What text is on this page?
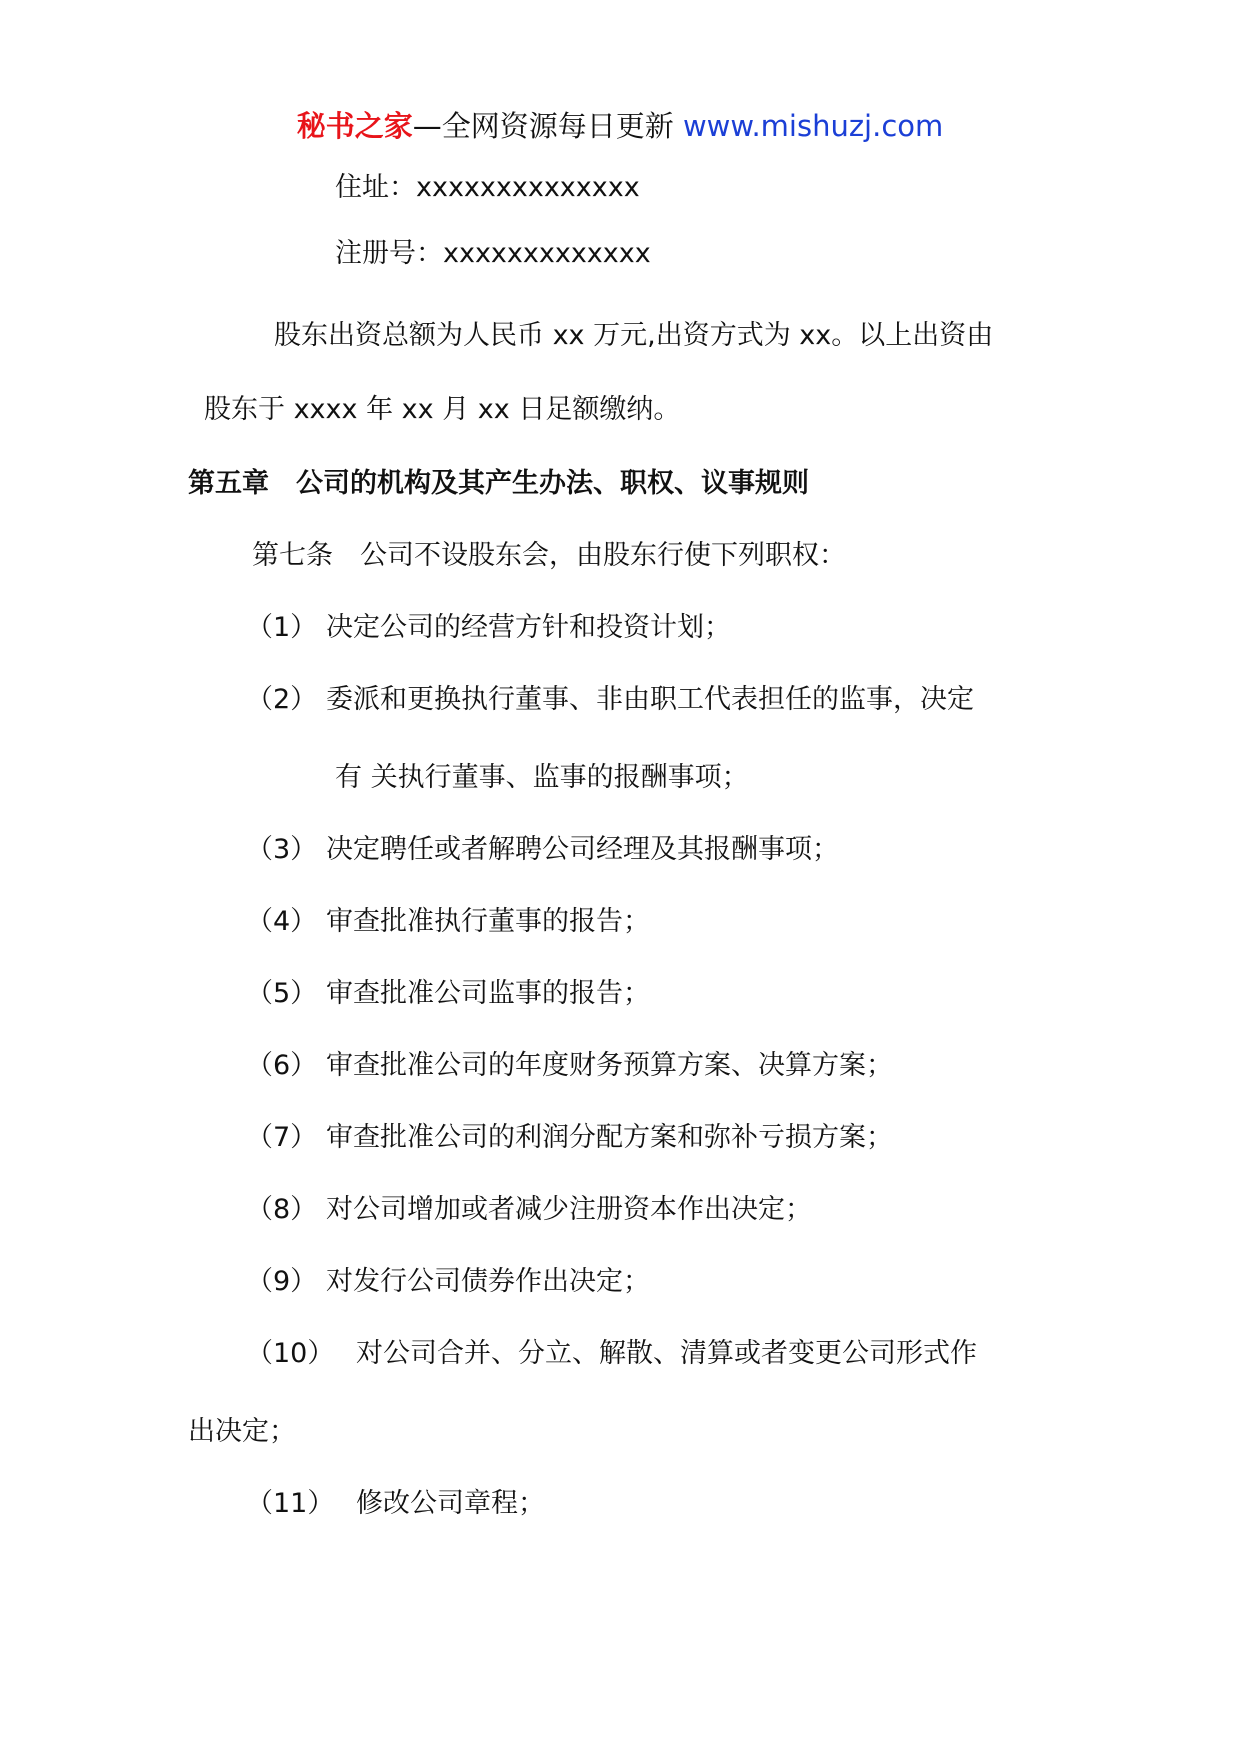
秘书之家—全网资源每日更新 www.mishuzj.com
住址：xxxxxxxxxxxxxx
注册号：xxxxxxxxxxxxx
股东出资总额为人民币 xx 万元,出资方式为 xx。以上出资由
股东于 xxxx 年 xx 月 xx 日足额缴纳。
第五章　公司的机构及其产生办法、职权、议事规则
第七条　公司不设股东会，由股东行使下列职权：
（1） 决定公司的经营方针和投资计划；
（2） 委派和更换执行董事、非由职工代表担任的监事，决定
有 关执行董事、监事的报酬事项；
（3） 决定聘任或者解聘公司经理及其报酬事项；
（4） 审查批准执行董事的报告；
（5） 审查批准公司监事的报告；
（6） 审查批准公司的年度财务预算方案、决算方案；
（7） 审查批准公司的利润分配方案和弥补亏损方案；
（8） 对公司增加或者减少注册资本作出决定；
（9） 对发行公司债券作出决定；
（10） 对公司合并、分立、解散、清算或者变更公司形式作
出决定；
（11） 修改公司章程；
